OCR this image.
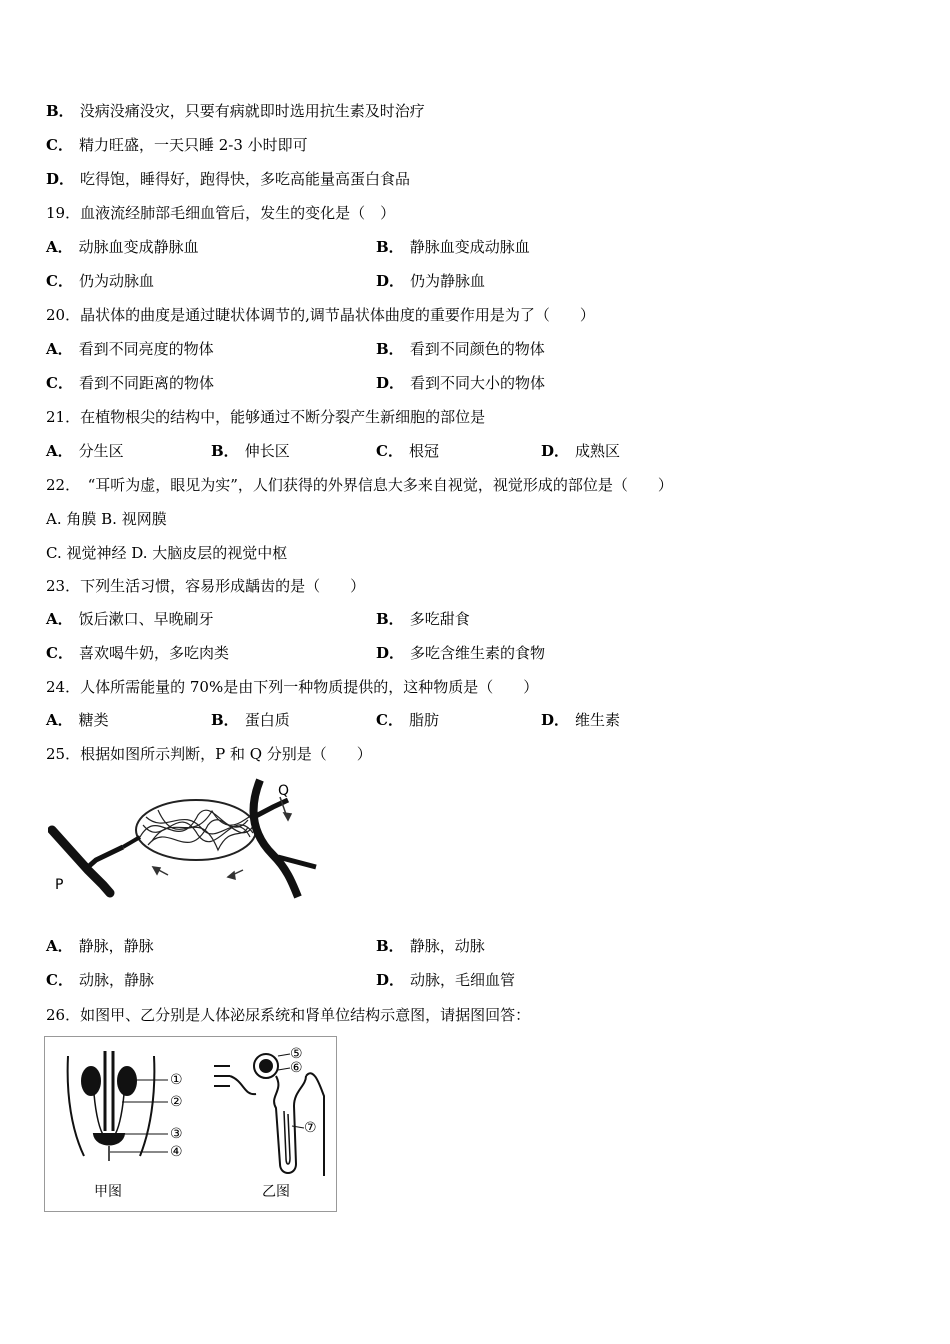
B． 没病没痛没灾，只要有病就即时选用抗生素及时治疗
C． 精力旺盛，一天只睡 2-3 小时即可
D． 吃得饱，睡得好，跑得快，多吃高能量高蛋白食品
19．血液流经肺部毛细血管后，发生的变化是（　）
A． 动脉血变成静脉血	B． 静脉血变成动脉血
C． 仍为动脉血	D． 仍为静脉血
20．晶状体的曲度是通过睫状体调节的,调节晶状体曲度的重要作用是为了（　　）
A． 看到不同亮度的物体	B． 看到不同颜色的物体
C． 看到不同距离的物体	D． 看到不同大小的物体
21．在植物根尖的结构中，能够通过不断分裂产生新细胞的部位是
A． 分生区	B． 伸长区	C． 根冠	D． 成熟区
22．　“耳听为虚，眼见为实”，人们获得的外界信息大多来自视觉，视觉形成的部位是（　　）
A. 角膜 B. 视网膜
C. 视觉神经 D. 大脑皮层的视觉中枢
23．下列生活习惯，容易形成龋齿的是（　　）
A． 饭后漱口、早晚刷牙	B． 多吃甜食
C． 喜欢喝牛奶，多吃肉类	D． 多吃含维生素的食物
24．人体所需能量的 70%是由下列一种物质提供的，这种物质是（　　）
A． 糖类	B． 蛋白质	C． 脂肪	D． 维生素
25．根据如图所示判断，P 和 Q 分别是（　　）
P
Q
A． 静脉，静脉	B． 静脉，动脉
C． 动脉，静脉	D． 动脉，毛细血管
26．如图甲、乙分别是人体泌尿系统和肾单位结构示意图，请据图回答：
①
②
③
④
甲图
⑤
⑥
⑦
乙图
